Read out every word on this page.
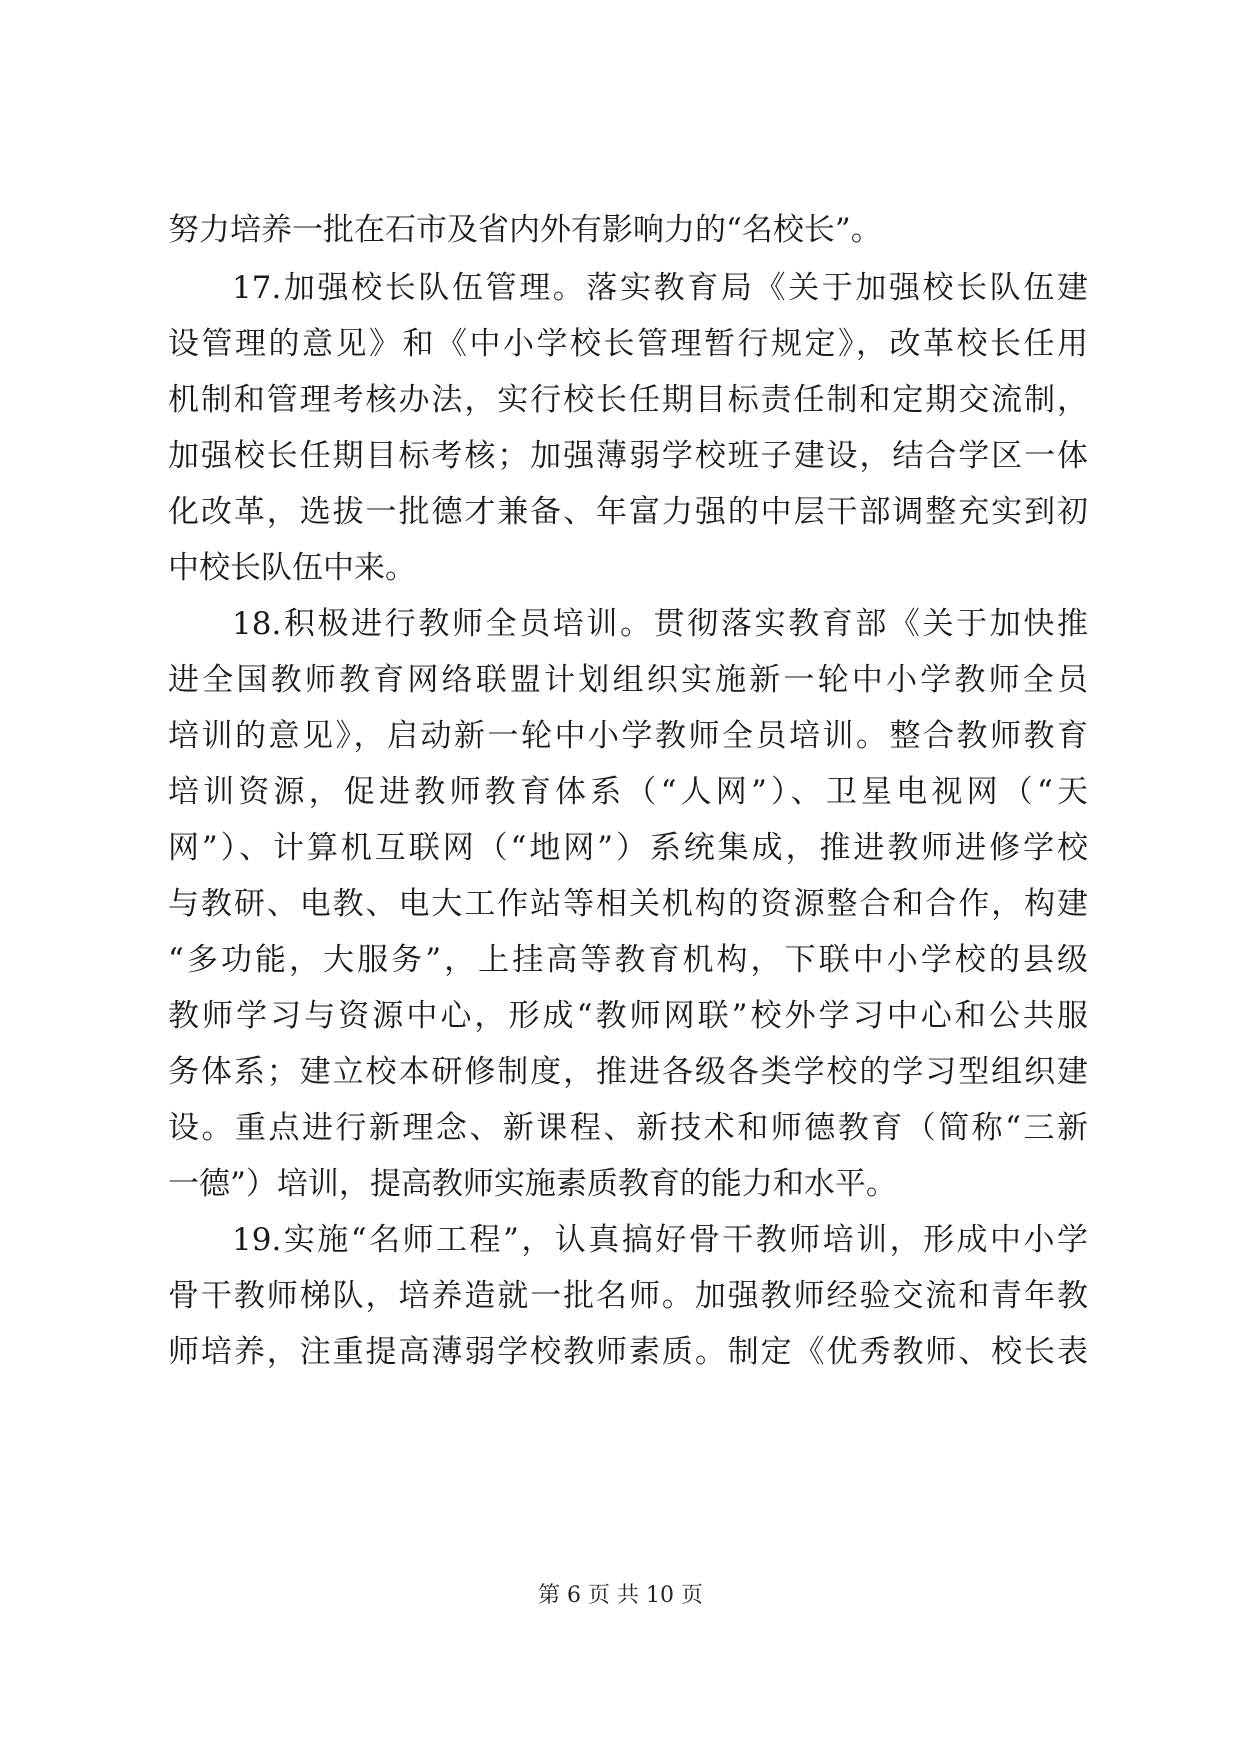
努力培养一批在石市及省内外有影响力的“名校长”。
17.加强校长队伍管理。落实教育局《关于加强校长队伍建
设管理的意见》和《中小学校长管理暂行规定》，改革校长任用
机制和管理考核办法，实行校长任期目标责任制和定期交流制，
加强校长任期目标考核；加强薄弱学校班子建设，结合学区一体
化改革，选拔一批德才兼备、年富力强的中层干部调整充实到初
中校长队伍中来。
18.积极进行教师全员培训。贯彻落实教育部《关于加快推
进全国教师教育网络联盟计划组织实施新一轮中小学教师全员
培训的意见》，启动新一轮中小学教师全员培训。整合教师教育
培训资源，促进教师教育体系（“人网”）、卫星电视网（“天
网”）、计算机互联网（“地网”）系统集成，推进教师进修学校
与教研、电教、电大工作站等相关机构的资源整合和合作，构建
“多功能，大服务”，上挂高等教育机构，下联中小学校的县级
教师学习与资源中心，形成“教师网联”校外学习中心和公共服
务体系；建立校本研修制度，推进各级各类学校的学习型组织建
设。重点进行新理念、新课程、新技术和师德教育（简称“三新
一德”）培训，提高教师实施素质教育的能力和水平。
19.实施“名师工程”，认真搞好骨干教师培训，形成中小学
骨干教师梯队，培养造就一批名师。加强教师经验交流和青年教
师培养，注重提高薄弱学校教师素质。制定《优秀教师、校长表
第 6 页 共 10 页
